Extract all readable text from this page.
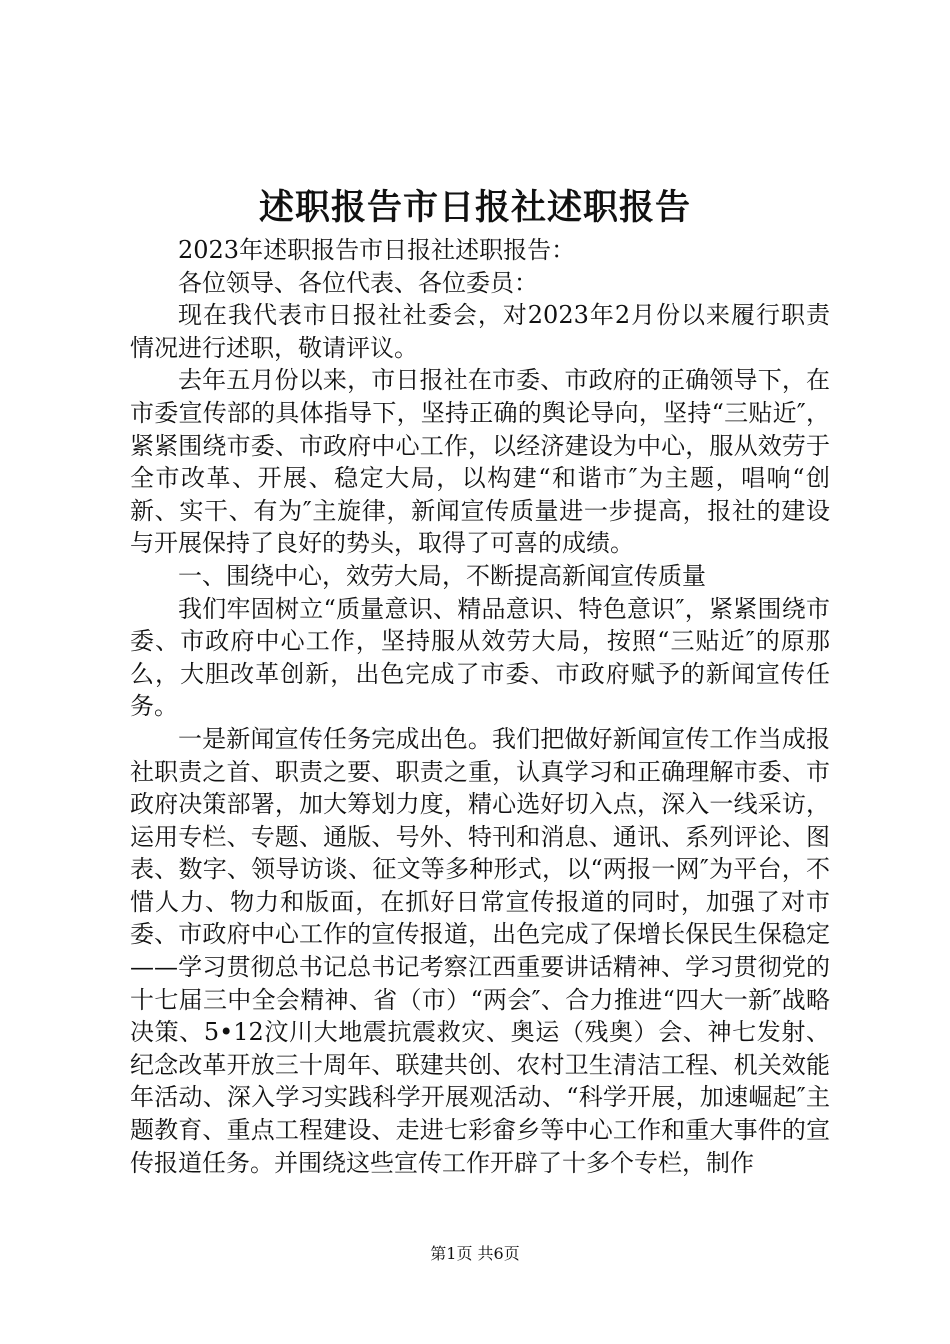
述职报告市日报社述职报告

2023年述职报告市日报社述职报告：

各位领导、各位代表、各位委员：

现在我代表市日报社社委会，对2023年2月份以来履行职责情况进行述职，敬请评议。

去年五月份以来，市日报社在市委、市政府的正确领导下，在市委宣传部的具体指导下，坚持正确的舆论导向，坚持“三贴近″，紧紧围绕市委、市政府中心工作，以经济建设为中心，服从效劳于全市改革、开展、稳定大局，以构建“和谐市″为主题，唱响“创新、实干、有为″主旋律，新闻宣传质量进一步提高，报社的建设与开展保持了良好的势头，取得了可喜的成绩。

一、围绕中心，效劳大局，不断提高新闻宣传质量

我们牢固树立“质量意识、精品意识、特色意识″，紧紧围绕市委、市政府中心工作，坚持服从效劳大局，按照“三贴近″的原那么，大胆改革创新，出色完成了市委、市政府赋予的新闻宣传任务。

一是新闻宣传任务完成出色。我们把做好新闻宣传工作当成报社职责之首、职责之要、职责之重，认真学习和正确理解市委、市政府决策部署，加大筹划力度，精心选好切入点，深入一线采访，运用专栏、专题、通版、号外、特刊和消息、通讯、系列评论、图表、数字、领导访谈、征文等多种形式，以“两报一网″为平台，不惜人力、物力和版面，在抓好日常宣传报道的同时，加强了对市委、市政府中心工作的宣传报道，出色完成了保增长保民生保稳定——学习贯彻总书记总书记考察江西重要讲话精神、学习贯彻党的十七届三中全会精神、省（市）“两会″、合力推进“四大一新″战略决策、5•12汶川大地震抗震救灾、奥运（残奥）会、神七发射、纪念改革开放三十周年、联建共创、农村卫生清洁工程、机关效能年活动、深入学习实践科学开展观活动、“科学开展，加速崛起″主题教育、重点工程建设、走进七彩畲乡等中心工作和重大事件的宣传报道任务。并围绕这些宣传工作开辟了十多个专栏，制作

第1页 共6页
